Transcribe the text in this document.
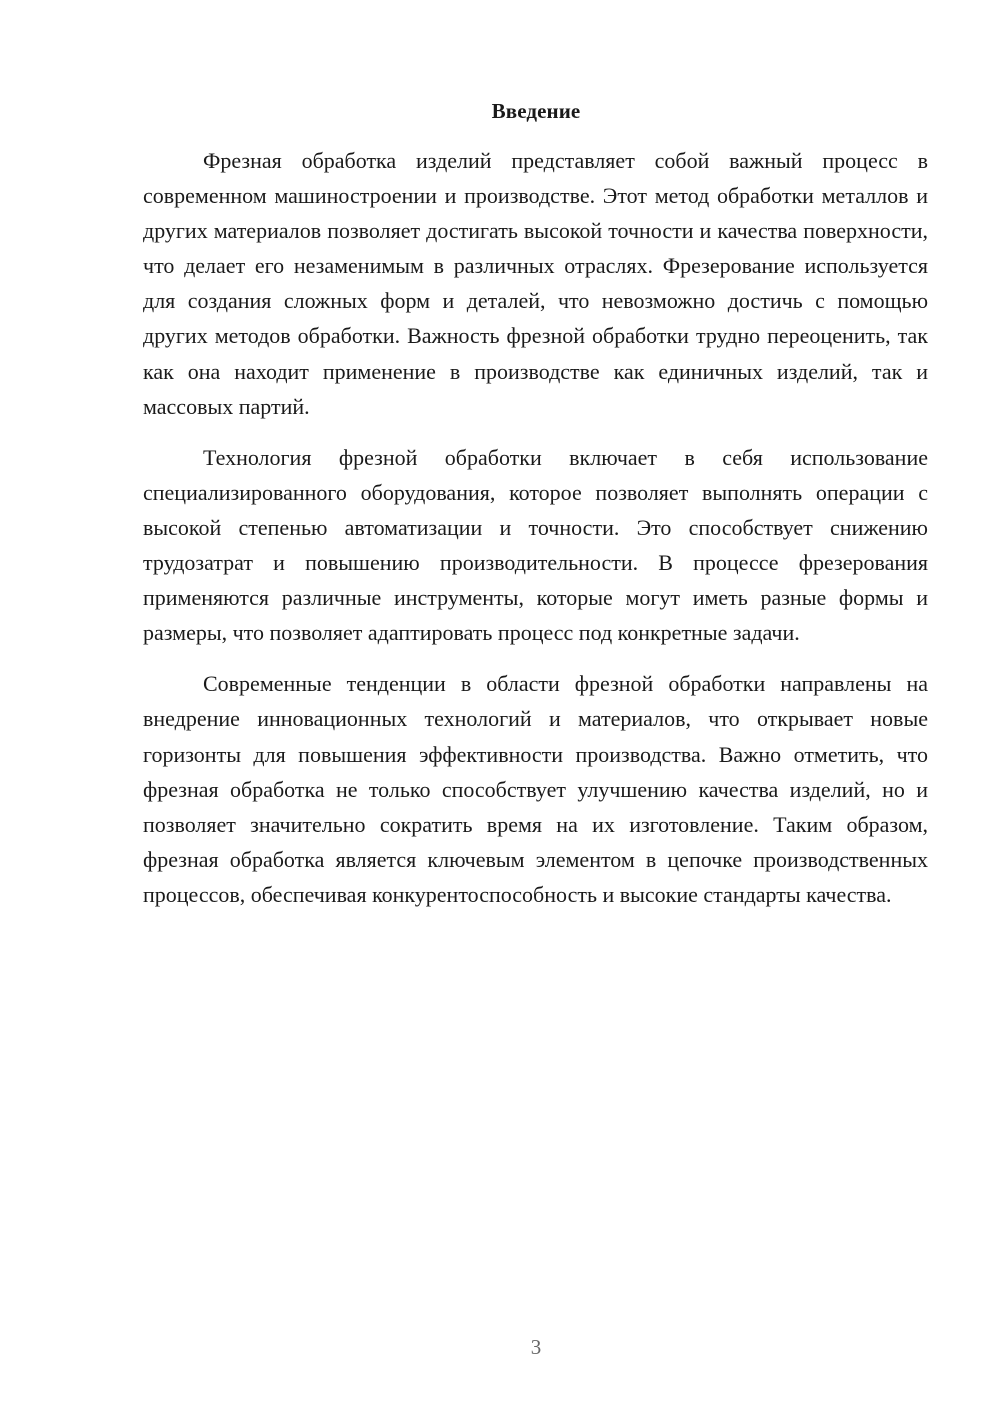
Введение

Фрезная обработка изделий представляет собой важный процесс в современном машиностроении и производстве. Этот метод обработки металлов и других материалов позволяет достигать высокой точности и качества поверхности, что делает его незаменимым в различных отраслях. Фрезерование используется для создания сложных форм и деталей, что невозможно достичь с помощью других методов обработки. Важность фрезной обработки трудно переоценить, так как она находит применение в производстве как единичных изделий, так и массовых партий.

Технология фрезной обработки включает в себя использование специализированного оборудования, которое позволяет выполнять операции с высокой степенью автоматизации и точности. Это способствует снижению трудозатрат и повышению производительности. В процессе фрезерования применяются различные инструменты, которые могут иметь разные формы и размеры, что позволяет адаптировать процесс под конкретные задачи.

Современные тенденции в области фрезной обработки направлены на внедрение инновационных технологий и материалов, что открывает новые горизонты для повышения эффективности производства. Важно отметить, что фрезная обработка не только способствует улучшению качества изделий, но и позволяет значительно сократить время на их изготовление. Таким образом, фрезная обработка является ключевым элементом в цепочке производственных процессов, обеспечивая конкурентоспособность и высокие стандарты качества.

3
